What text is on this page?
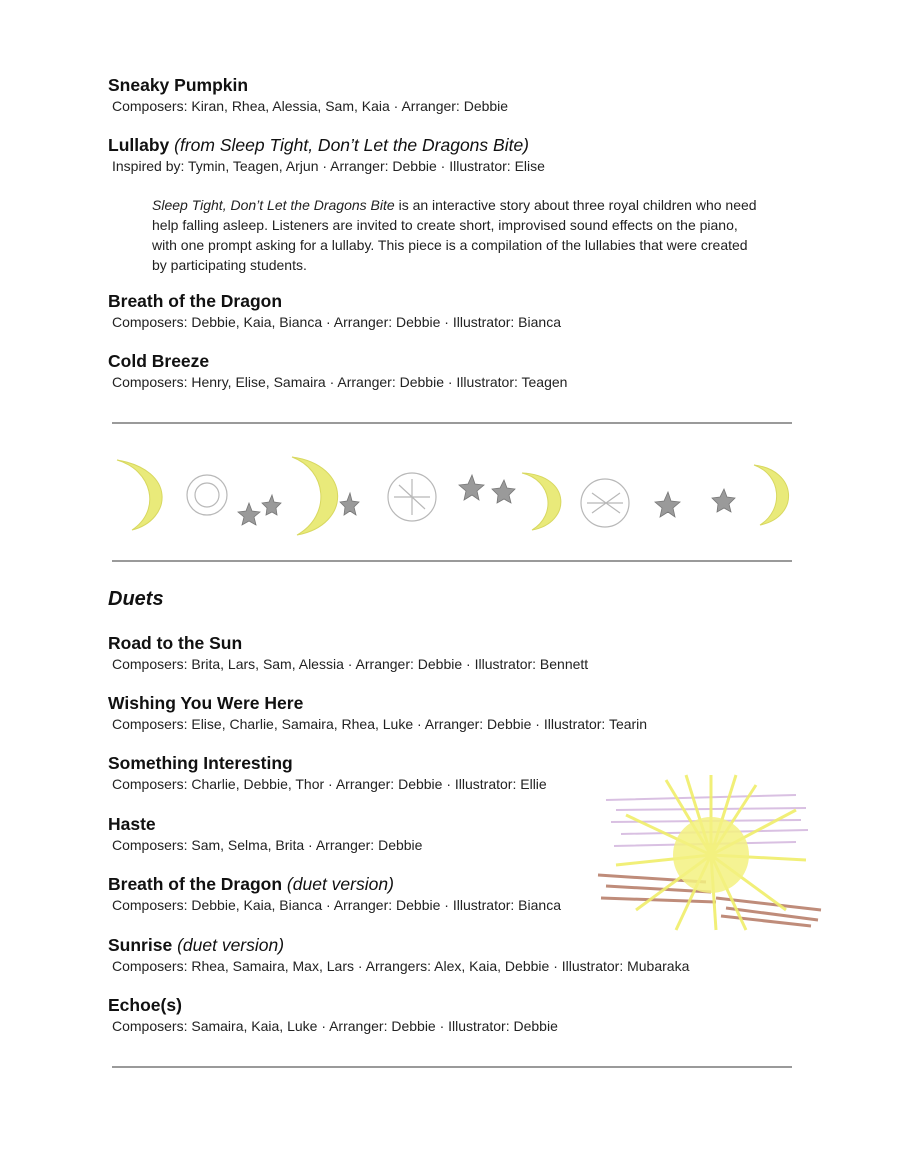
Sneaky Pumpkin
Composers: Kiran, Rhea, Alessia, Sam, Kaia · Arranger: Debbie
Lullaby (from Sleep Tight, Don’t Let the Dragons Bite)
Inspired by: Tymin, Teagen, Arjun · Arranger: Debbie · Illustrator: Elise
Sleep Tight, Don’t Let the Dragons Bite is an interactive story about three royal children who need help falling asleep. Listeners are invited to create short, improvised sound effects on the piano, with one prompt asking for a lullaby. This piece is a compilation of the lullabies that were created by participating students.
Breath of the Dragon
Composers: Debbie, Kaia, Bianca · Arranger: Debbie · Illustrator: Bianca
Cold Breeze
Composers: Henry, Elise, Samaira · Arranger: Debbie · Illustrator: Teagen
Duets
Road to the Sun
Composers: Brita, Lars, Sam, Alessia · Arranger: Debbie · Illustrator: Bennett
Wishing You Were Here
Composers: Elise, Charlie, Samaira, Rhea, Luke · Arranger: Debbie · Illustrator: Tearin
Something Interesting
Composers: Charlie, Debbie, Thor · Arranger: Debbie · Illustrator: Ellie
Haste
Composers: Sam, Selma, Brita · Arranger: Debbie
Breath of the Dragon (duet version)
Composers: Debbie, Kaia, Bianca · Arranger: Debbie · Illustrator: Bianca
Sunrise (duet version)
Composers: Rhea, Samaira, Max, Lars · Arrangers: Alex, Kaia, Debbie · Illustrator: Mubaraka
Echoe(s)
Composers: Samaira, Kaia, Luke · Arranger: Debbie · Illustrator: Debbie
